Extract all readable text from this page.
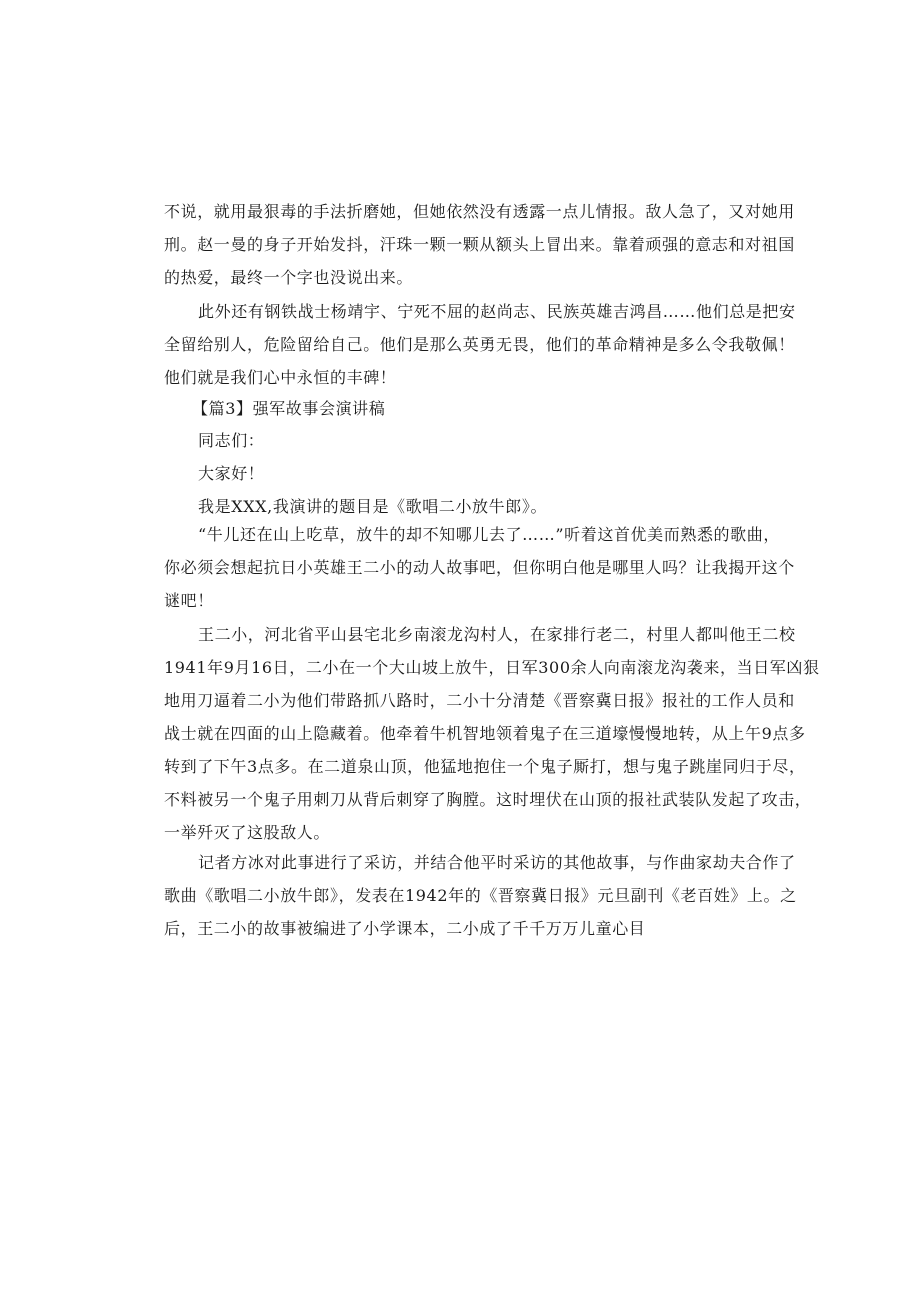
不说，就用最狠毒的手法折磨她，但她依然没有透露一点儿情报。敌人急了，又对她用
刑。赵一曼的身子开始发抖，汗珠一颗一颗从额头上冒出来。靠着顽强的意志和对祖国
的热爱，最终一个字也没说出来。
此外还有钢铁战士杨靖宇、宁死不屈的赵尚志、民族英雄吉鸿昌……他们总是把安
全留给别人，危险留给自己。他们是那么英勇无畏，他们的革命精神是多么令我敬佩！
他们就是我们心中永恒的丰碑！
【篇3】强军故事会演讲稿
同志们：
大家好！
我是XXX,我演讲的题目是《歌唱二小放牛郎》。
“牛儿还在山上吃草，放牛的却不知哪儿去了……”听着这首优美而熟悉的歌曲，
你必须会想起抗日小英雄王二小的动人故事吧，但你明白他是哪里人吗？让我揭开这个
谜吧！
王二小，河北省平山县宅北乡南滚龙沟村人，在家排行老二，村里人都叫他王二校
1941年9月16日，二小在一个大山坡上放牛，日军300余人向南滚龙沟袭来，当日军凶狠
地用刀逼着二小为他们带路抓八路时，二小十分清楚《晋察冀日报》报社的工作人员和
战士就在四面的山上隐藏着。他牵着牛机智地领着鬼子在三道壕慢慢地转，从上午9点多
转到了下午3点多。在二道泉山顶，他猛地抱住一个鬼子厮打，想与鬼子跳崖同归于尽，
不料被另一个鬼子用刺刀从背后刺穿了胸膛。这时埋伏在山顶的报社武装队发起了攻击，
一举歼灭了这股敌人。
记者方冰对此事进行了采访，并结合他平时采访的其他故事，与作曲家劫夫合作了
歌曲《歌唱二小放牛郎》，发表在1942年的《晋察冀日报》元旦副刊《老百姓》上。之
后，王二小的故事被编进了小学课本，二小成了千千万万儿童心目
